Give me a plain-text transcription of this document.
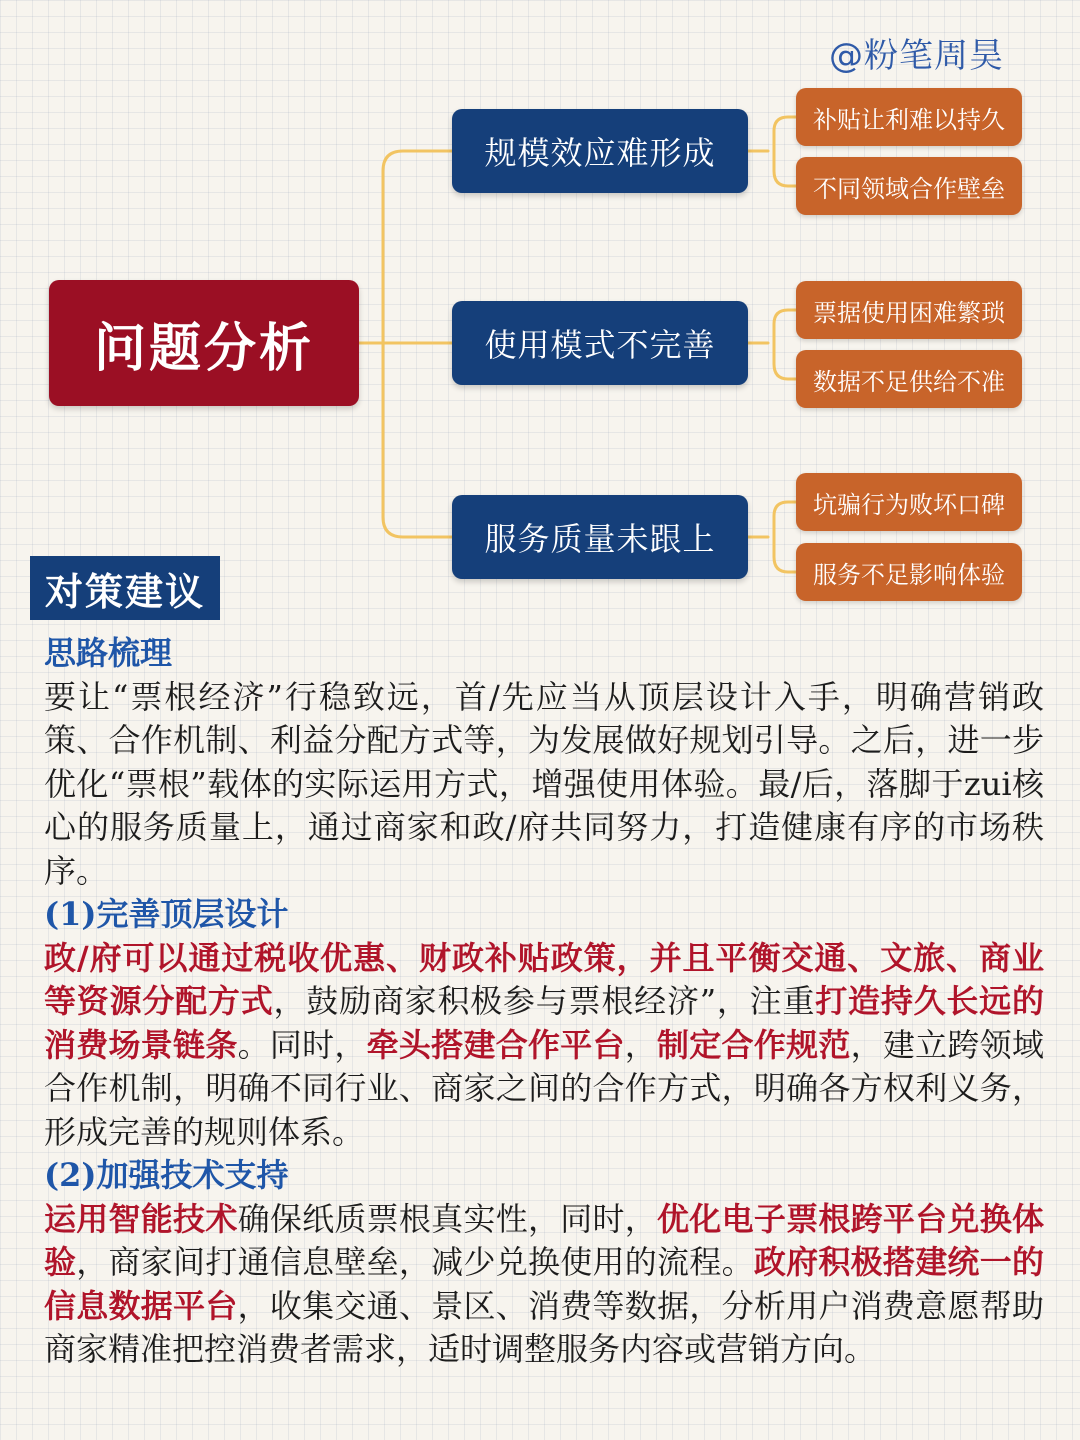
@粉笔周昊
问题分析
规模效应难形成
使用模式不完善
服务质量未跟上
补贴让利难以持久
不同领域合作壁垒
票据使用困难繁琐
数据不足供给不准
坑骗行为败坏口碑
服务不足影响体验
对策建议

思路梳理

要让“票根经济”行稳致远，首/先应当从顶层设计入手，明确营销政策、合作机制、利益分配方式等，为发展做好规划引导。之后，进一步优化“票根”载体的实际运用方式，增强使用体验。最/后，落脚于zui核心的服务质量上，通过商家和政/府共同努力，打造健康有序的市场秩序。

(1)完善顶层设计

政/府可以通过税收优惠、财政补贴政策，并且平衡交通、文旅、商业等资源分配方式，鼓励商家积极参与票根经济”，注重打造持久长远的消费场景链条。同时，牵头搭建合作平台，制定合作规范，建立跨领域合作机制，明确不同行业、商家之间的合作方式，明确各方权利义务，形成完善的规则体系。

(2)加强技术支持

运用智能技术确保纸质票根真实性，同时，优化电子票根跨平台兑换体验，商家间打通信息壁垒，减少兑换使用的流程。政府积极搭建统一的信息数据平台，收集交通、景区、消费等数据，分析用户消费意愿帮助商家精准把控消费者需求，适时调整服务内容或营销方向。
